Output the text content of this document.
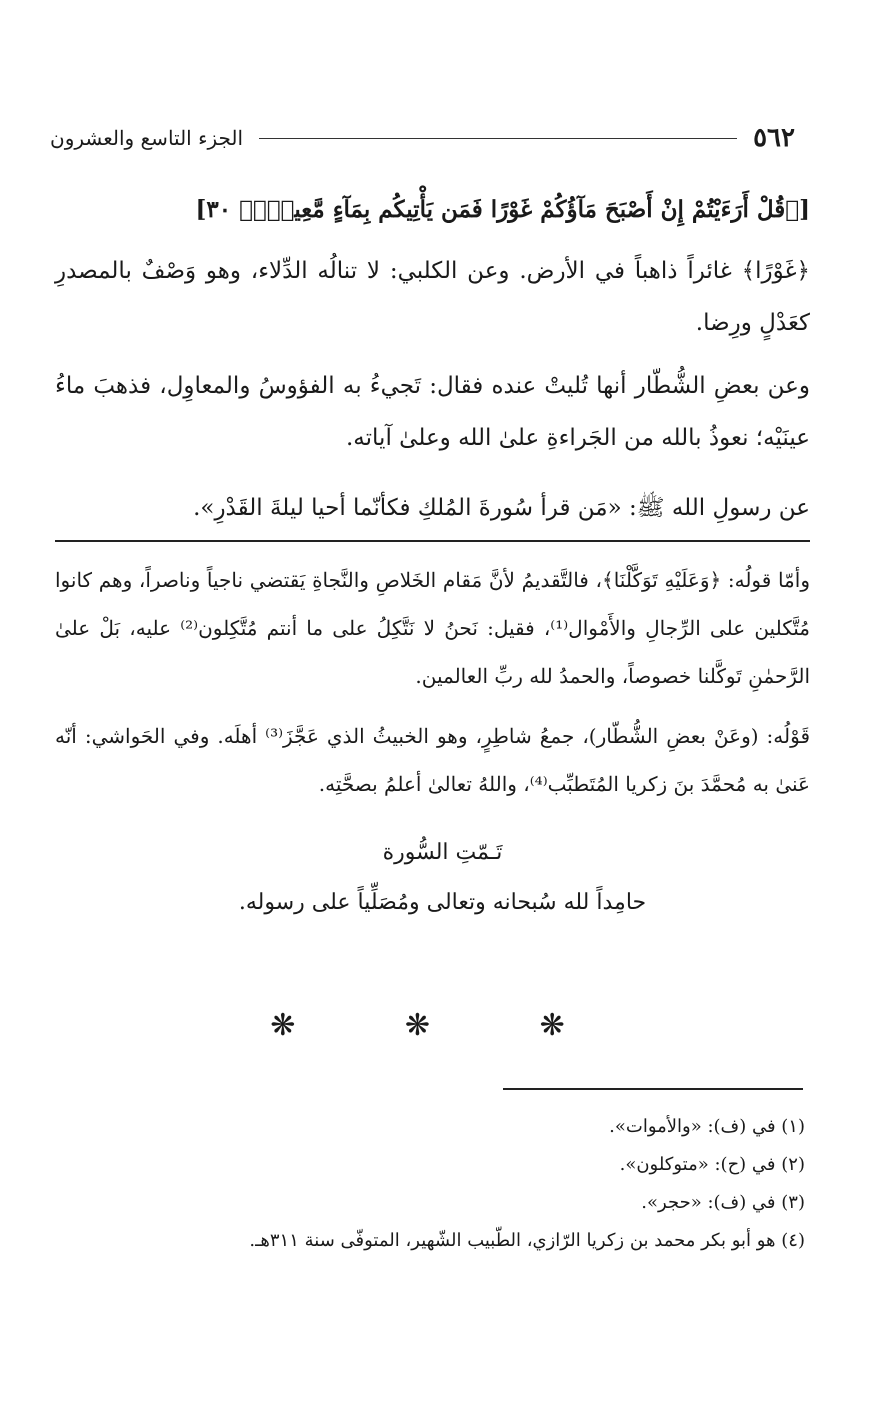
٥٦٢
الجزء التاسع والعشرون
[﴿قُلْ أَرَءَيْتُمْ إِنْ أَصْبَحَ مَآؤُكُمْ غَوْرًا فَمَن يَأْتِيكُم بِمَآءٍ مَّعِينٍۭ﴾ ٣٠]

﴿غَوْرًا﴾ غائراً ذاهباً في الأرض. وعن الكلبي: لا تنالُه الدِّلاء، وهو وَصْفٌ بالمصدرِ كعَدْلٍ ورِضا.

وعن بعضِ الشُّطّار أنها تُليتْ عنده فقال: تَجيءُ به الفؤوسُ والمعاوِل، فذهبَ ماءُ عينَيْه؛ نعوذُ بالله من الجَراءةِ علىٰ الله وعلىٰ آياته.

عن رسولِ الله ﷺ: «مَن قرأ سُورةَ المُلكِ فكأنّما أحيا ليلةَ القَدْرِ».

وأمّا قولُه: ﴿وَعَلَيْهِ تَوَكَّلْنَا﴾، فالتَّقديمُ لأنَّ مَقام الخَلاصِ والنَّجاةِ يَقتضي ناجياً وناصراً، وهم كانوا مُتَّكلين على الرِّجالِ والأَمْوال⁽¹⁾، فقيل: نَحنُ لا نَتَّكِلُ على ما أنتم مُتَّكِلون⁽²⁾ عليه، بَلْ علىٰ الرَّحمٰنِ تَوكَّلنا خصوصاً، والحمدُ لله ربِّ العالمين.

قَوْلُه: (وعَنْ بعضِ الشُّطّار)، جمعُ شاطِرٍ، وهو الخبيثُ الذي عَجَّزَ⁽³⁾ أهلَه. وفي الحَواشي: أنّه عَنىٰ به مُحمَّدَ بنَ زكريا المُتَطبِّب⁽⁴⁾، واللهُ تعالىٰ أعلمُ بصحَّتِه.

تَـمّتِ السُّورة
حامِداً لله سُبحانه وتعالى ومُصَلِّياً على رسوله.
❋ ❋ ❋
(١) في (ف): «والأموات».
(٢) في (ح): «متوكلون».
(٣) في (ف): «حجر».
(٤) هو أبو بكر محمد بن زكريا الرّازي، الطّبيب الشّهير، المتوفّى سنة ٣١١هـ.
